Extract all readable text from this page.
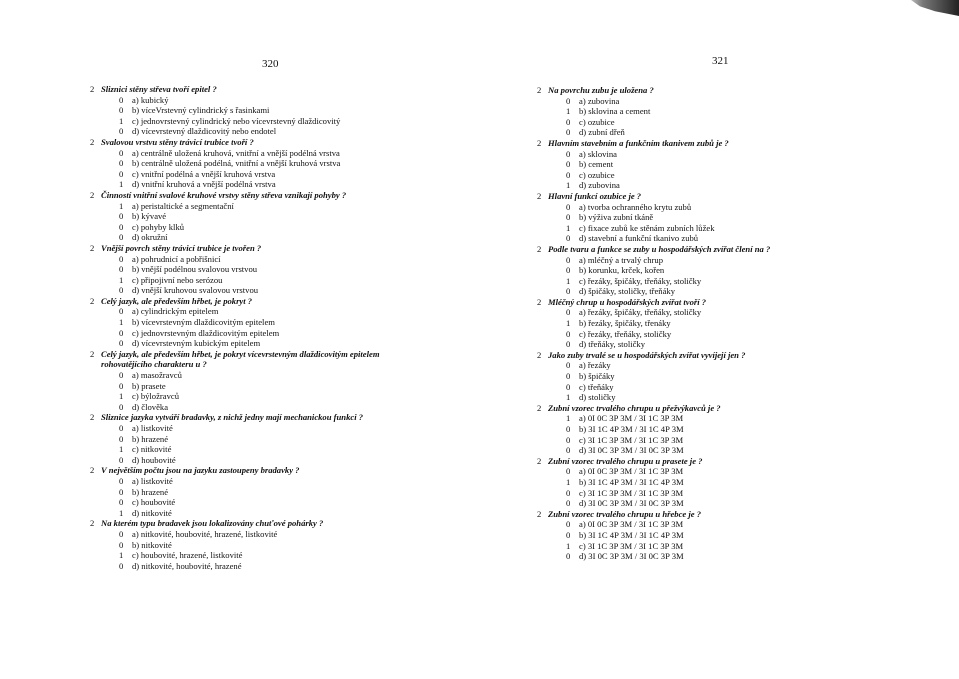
320	321
2 Sliznici stěny střeva tvoří epitel ?
0	a) kubický
0	b) víceVrstevný cylindrický s řasinkami
1	c) jednovrstevný cylindrický nebo vícevrstevný dlaždicovitý
0	d) vícevrstevný dlaždicovitý nebo endotel
2 Svalovou vrstvu stěny trávicí trubice tvoří ?
0	a) centrálně uložená kruhová, vnitřní a vnější podélná vrstva
0	b) centrálně uložená podélná, vnitřní a vnější kruhová vrstva
0	c) vnitřní podélná a vnější kruhová vrstva
1	d) vnitřní kruhová a vnější podélná vrstva
2 Činností vnitřní svalové kruhové vrstvy stěny střeva vznikají pohyby ?
1	a) peristaltické a segmentační
0	b) kývavé
0	c) pohyby klků
0	d) okružní
2 Vnější povrch stěny trávicí trubice je tvořen ?
0	a) pohrudnicí a pobřišnicí
0	b) vnější podélnou svalovou vrstvou
1	c) připojivní nebo serózou
0	d) vnější kruhovou svalovou vrstvou
2 Celý jazyk, ale především hřbet, je pokryt ?
0	a) cylindrickým epitelem
1	b) vícevrstevným dlaždicovitým epitelem
0	c) jednovrstevným dlaždicovitým epitelem
0	d) vícevrstevným kubickým epitelem
2 Celý jazyk, ale především hřbet, je pokryt vícevrstevným dlaždicovitým epitelem rohovatějícího charakteru u ?
0	a) masožravců
0	b) prasete
1	c) býložravců
0	d) člověka
2 Sliznice jazyka vytváří bradavky, z nichž jedny mají mechanickou funkci ?
0	a) listkovité
0	b) hrazené
1	c) nitkovité
0	d) houbovité
2 V největším počtu jsou na jazyku zastoupeny bradavky ?
0	a) listkovité
0	b) hrazené
0	c) houbovité
1	d) nitkovité
2 Na kterém typu bradavek jsou lokalizovány chuťové pohárky ?
0	a) nitkovité, houbovité, hrazené, listkovité
0	b) nitkovité
1	c) houbovité, hrazené, listkovité
0	d) nitkovité, houbovité, hrazené
2 Na povrchu zubu je uložena ?
0	a) zubovina
1	b) sklovina a cement
0	c) ozubice
0	d) zubní dřeň
2 Hlavním stavebním a funkčním tkanivem zubů je ?
0	a) sklovina
0	b) cement
0	c) ozubice
1	d) zubovina
2 Hlavní funkcí ozubice je ?
0	a) tvorba ochranného krytu zubů
0	b) výživa zubní tkáně
1	c) fixace zubů ke stěnám zubních lůžek
0	d) stavební a funkční tkanivo zubů
2 Podle tvaru a funkce se zuby u hospodářských zvířat člení na ?
0	a) mléčný a trvalý chrup
0	b) korunku, krček, kořen
1	c) řezáky, špičáky, třeňáky, stoličky
0	d) špičáky, stoličky, třeňáky
2 Mléčný chrup u hospodářských zvířat tvoří ?
0	a) řezáky, špičáky, třeňáky, stoličky
1	b) řezáky, špičáky, třenáky
0	c) řezáky, třeňáky, stoličky
0	d) třeňáky, stoličky
2 Jako zuby trvalé se u hospodářských zvířat vyvíjejí jen ?
0	a) řezáky
0	b) špičáky
0	c) třeňáky
1	d) stoličky
2 Zubní vzorec trvalého chrupu u přežvýkavců je ?
1	a) 0I 0C 3P 3M / 3I 1C 3P 3M
0	b) 3I 1C 4P 3M / 3I 1C 4P 3M
0	c) 3I 1C 3P 3M / 3I 1C 3P 3M
0	d) 3I 0C 3P 3M / 3I 0C 3P 3M
2 Zubní vzorec trvalého chrupu u prasete je ?
0	a) 0I 0C 3P 3M / 3I 1C 3P 3M
1	b) 3I 1C 4P 3M / 3I 1C 4P 3M
0	c) 3I 1C 3P 3M / 3I 1C 3P 3M
0	d) 3I 0C 3P 3M / 3I 0C 3P 3M
2 Zubní vzorec trvalého chrupu u hřebce je ?
0	a) 0I 0C 3P 3M / 3I 1C 3P 3M
0	b) 3I 1C 4P 3M / 3I 1C 4P 3M
1	c) 3I 1C 3P 3M / 3I 1C 3P 3M
0	d) 3I 0C 3P 3M / 3I 0C 3P 3M
